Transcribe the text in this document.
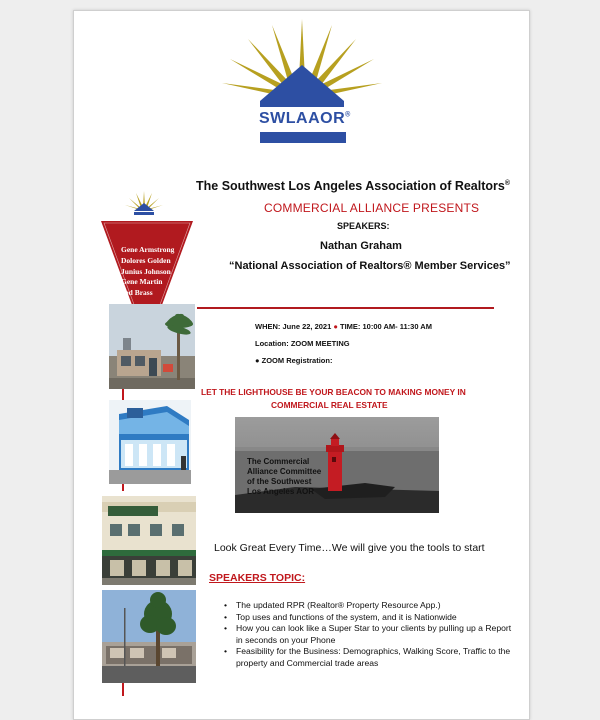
SWLAAOR®
The Southwest Los Angeles Association of Realtors®
COMMERCIAL ALLIANCE PRESENTS
SPEAKERS:
Nathan Graham
“National Association of Realtors® Member Services”
Gene Armstrong
Dolores Golden
Junius Johnson
Gene Martin
Ted Brass
WHEN: June 22, 2021 ● TIME: 10:00 AM- 11:30 AM
Location: ZOOM MEETING
● ZOOM Registration:
LET THE LIGHTHOUSE BE YOUR BEACON TO MAKING MONEY IN
COMMERCIAL REAL ESTATE
The Commercial
Alliance Committee
of the Southwest
Los Angeles AOR
Look Great Every Time…We will give you the tools to start
SPEAKERS TOPIC:
• The updated RPR (Realtor® Property Resource App.)
• Top uses and functions of the system, and it is Nationwide
• How you can look like a Super Star to your clients by pulling up a Report in seconds on your Phone
• Feasibility for the Business: Demographics, Walking Score, Traffic to the property and Commercial trade areas
